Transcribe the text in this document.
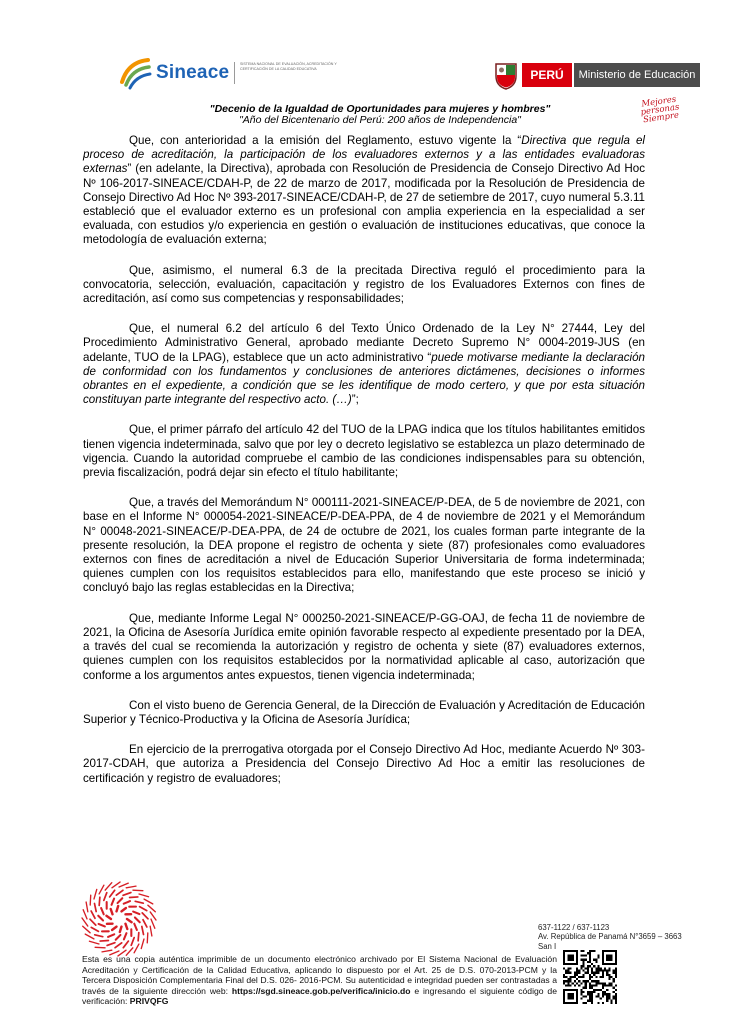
Sineace	SISTEMA NACIONAL DE EVALUACIÓN, ACREDITACIÓN Y CERTIFICACIÓN DE LA CALIDAD EDUCATIVA	PERÚ	Ministerio de Educación
"Decenio de la Igualdad de Oportunidades para mujeres y hombres"
"Año del Bicentenario del Perú: 200 años de Independencia"
Mejores personas Siempre

Que, con anterioridad a la emisión del Reglamento, estuvo vigente la “Directiva que regula el proceso de acreditación, la participación de los evaluadores externos y a las entidades evaluadoras externas” (en adelante, la Directiva), aprobada con Resolución de Presidencia de Consejo Directivo Ad Hoc Nº 106-2017-SINEACE/CDAH-P, de 22 de marzo de 2017, modificada por la Resolución de Presidencia de Consejo Directivo Ad Hoc Nº 393-2017-SINEACE/CDAH-P, de 27 de setiembre de 2017, cuyo numeral 5.3.11 estableció que el evaluador externo es un profesional con amplia experiencia en la especialidad a ser evaluada, con estudios y/o experiencia en gestión o evaluación de instituciones educativas, que conoce la metodología de evaluación externa;

Que, asimismo, el numeral 6.3 de la precitada Directiva reguló el procedimiento para la convocatoria, selección, evaluación, capacitación y registro de los Evaluadores Externos con fines de acreditación, así como sus competencias y responsabilidades;

Que, el numeral 6.2 del artículo 6 del Texto Único Ordenado de la Ley N° 27444, Ley del Procedimiento Administrativo General, aprobado mediante Decreto Supremo N° 0004-2019-JUS (en adelante, TUO de la LPAG), establece que un acto administrativo “puede motivarse mediante la declaración de conformidad con los fundamentos y conclusiones de anteriores dictámenes, decisiones o informes obrantes en el expediente, a condición que se les identifique de modo certero, y que por esta situación constituyan parte integrante del respectivo acto. (…)”;

Que, el primer párrafo del artículo 42 del TUO de la LPAG indica que los títulos habilitantes emitidos tienen vigencia indeterminada, salvo que por ley o decreto legislativo se establezca un plazo determinado de vigencia. Cuando la autoridad compruebe el cambio de las condiciones indispensables para su obtención, previa fiscalización, podrá dejar sin efecto el título habilitante;

Que, a través del Memorándum N° 000111-2021-SINEACE/P-DEA, de 5 de noviembre de 2021, con base en el Informe N° 000054-2021-SINEACE/P-DEA-PPA, de 4 de noviembre de 2021 y el Memorándum N° 00048-2021-SINEACE/P-DEA-PPA, de 24 de octubre de 2021, los cuales forman parte integrante de la presente resolución, la DEA propone el registro de ochenta y siete (87) profesionales como evaluadores externos con fines de acreditación a nivel de Educación Superior Universitaria de forma indeterminada; quienes cumplen con los requisitos establecidos para ello, manifestando que este proceso se inició y concluyó bajo las reglas establecidas en la Directiva;

Que, mediante Informe Legal N° 000250-2021-SINEACE/P-GG-OAJ, de fecha 11 de noviembre de 2021, la Oficina de Asesoría Jurídica emite opinión favorable respecto al expediente presentado por la DEA, a través del cual se recomienda la autorización y registro de ochenta y siete (87) evaluadores externos, quienes cumplen con los requisitos establecidos por la normatividad aplicable al caso, autorización que conforme a los argumentos antes expuestos, tienen vigencia indeterminada;

Con el visto bueno de Gerencia General, de la Dirección de Evaluación y Acreditación de Educación Superior y Técnico-Productiva y la Oficina de Asesoría Jurídica;

En ejercicio de la prerrogativa otorgada por el Consejo Directivo Ad Hoc, mediante Acuerdo Nº 303-2017-CDAH, que autoriza a Presidencia del Consejo Directivo Ad Hoc a emitir las resoluciones de certificación y registro de evaluadores;

637-1122 / 637-1123
Av. República de Panamá N°3659 – 3663
San I
Esta es una copia auténtica imprimible de un documento electrónico archivado por El Sistema Nacional de Evaluación Acreditación y Certificación de la Calidad Educativa, aplicando lo dispuesto por el Art. 25 de D.S. 070-2013-PCM y la Tercera Disposición Complementaria Final del D.S. 026- 2016-PCM. Su autenticidad e integridad pueden ser contrastadas a través de la siguiente dirección web: https://sgd.sineace.gob.pe/verifica/inicio.do e ingresando el siguiente código de verificación: PRIVQFG
